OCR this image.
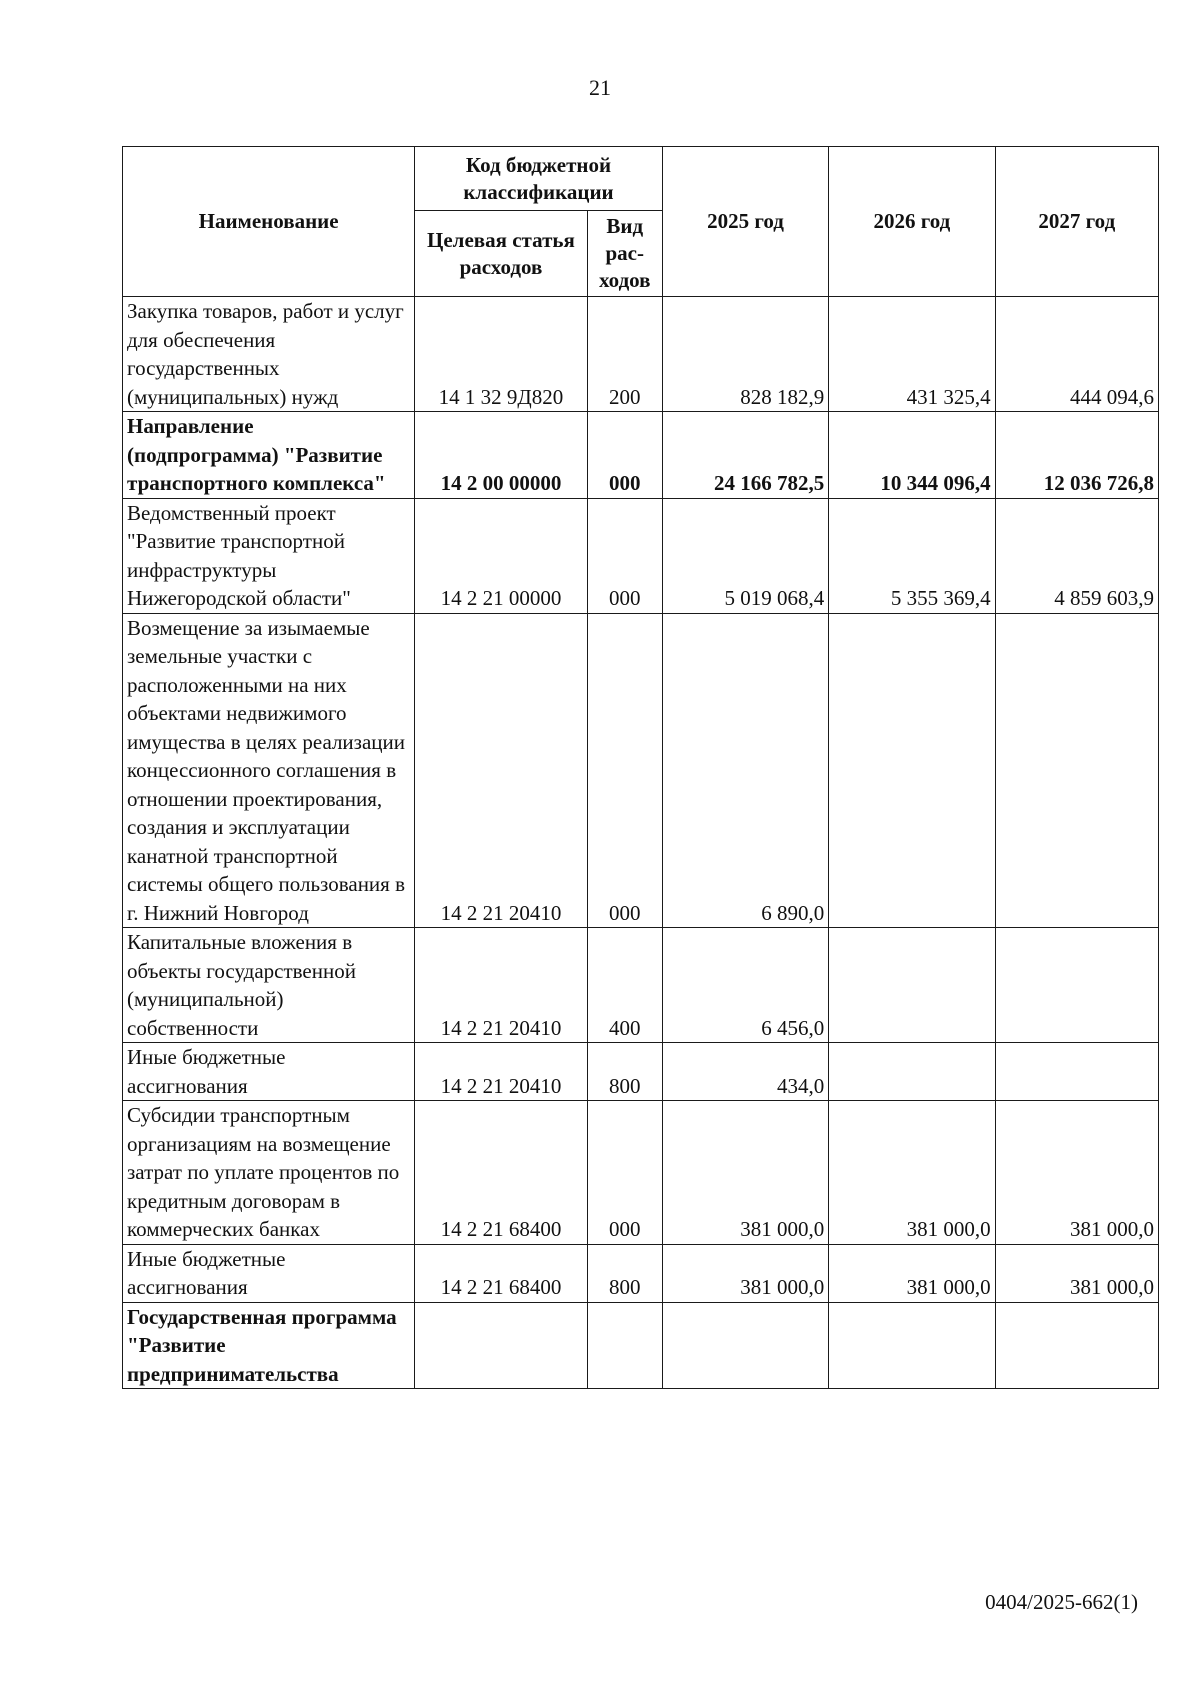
21
Наименование	Код бюджетной классификации		2025 год	2026 год	2027 год
	Целевая статья расходов	Вид рас-ходов			
Закупка товаров, работ и услуг для обеспечения государственных (муниципальных) нужд	14 1 32 9Д820	200	828 182,9	431 325,4	444 094,6
Направление (подпрограмма) "Развитие транспортного комплекса"	14 2 00 00000	000	24 166 782,5	10 344 096,4	12 036 726,8
Ведомственный проект "Развитие транспортной инфраструктуры Нижегородской области"	14 2 21 00000	000	5 019 068,4	5 355 369,4	4 859 603,9
Возмещение за изымаемые земельные участки с расположенными на них объектами недвижимого имущества в целях реализации концессионного соглашения в отношении проектирования, создания и эксплуатации канатной транспортной системы общего пользования в г. Нижний Новгород	14 2 21 20410	000	6 890,0		
Капитальные вложения в объекты государственной (муниципальной) собственности	14 2 21 20410	400	6 456,0		
Иные бюджетные ассигнования	14 2 21 20410	800	434,0		
Субсидии транспортным организациям на возмещение затрат по уплате процентов по кредитным договорам в коммерческих банках	14 2 21 68400	000	381 000,0	381 000,0	381 000,0
Иные бюджетные ассигнования	14 2 21 68400	800	381 000,0	381 000,0	381 000,0
Государственная программа "Развитие предпринимательства					
0404/2025-662(1)
